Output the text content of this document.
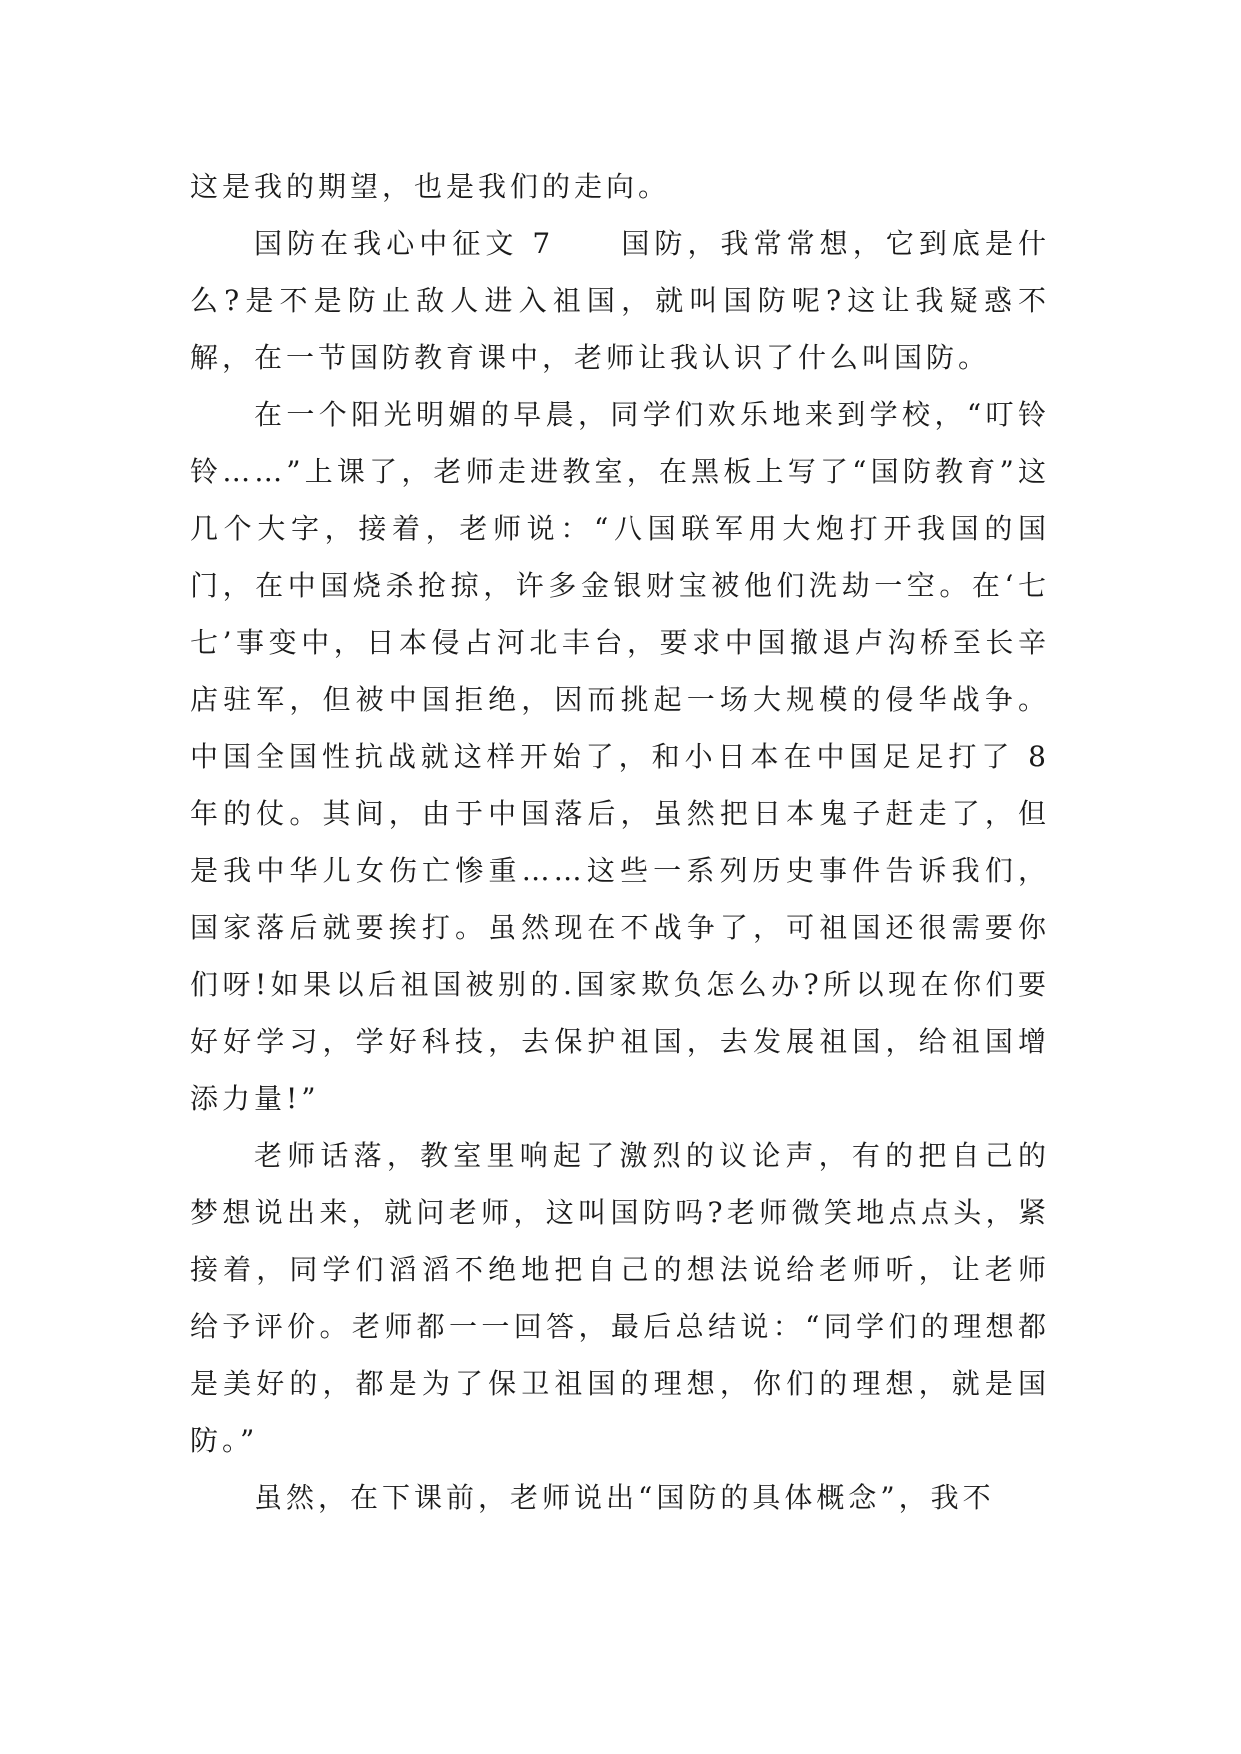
这是我的期望，也是我们的走向。

国防在我心中征文 7　　国防，我常常想，它到底是什么?是不是防止敌人进入祖国，就叫国防呢?这让我疑惑不解，在一节国防教育课中，老师让我认识了什么叫国防。

在一个阳光明媚的早晨，同学们欢乐地来到学校，“叮铃铃……”上课了，老师走进教室，在黑板上写了“国防教育”这几个大字，接着，老师说：“八国联军用大炮打开我国的国门，在中国烧杀抢掠，许多金银财宝被他们洗劫一空。在‘七七’事变中，日本侵占河北丰台，要求中国撤退卢沟桥至长辛店驻军，但被中国拒绝，因而挑起一场大规模的侵华战争。中国全国性抗战就这样开始了，和小日本在中国足足打了 8 年的仗。其间，由于中国落后，虽然把日本鬼子赶走了，但是我中华儿女伤亡惨重……这些一系列历史事件告诉我们，国家落后就要挨打。虽然现在不战争了，可祖国还很需要你们呀!如果以后祖国被别的.国家欺负怎么办?所以现在你们要好好学习，学好科技，去保护祖国，去发展祖国，给祖国增添力量!”

老师话落，教室里响起了激烈的议论声，有的把自己的梦想说出来，就问老师，这叫国防吗?老师微笑地点点头，紧接着，同学们滔滔不绝地把自己的想法说给老师听，让老师给予评价。老师都一一回答，最后总结说：“同学们的理想都是美好的，都是为了保卫祖国的理想，你们的理想，就是国防。”

虽然，在下课前，老师说出“国防的具体概念”，我不
